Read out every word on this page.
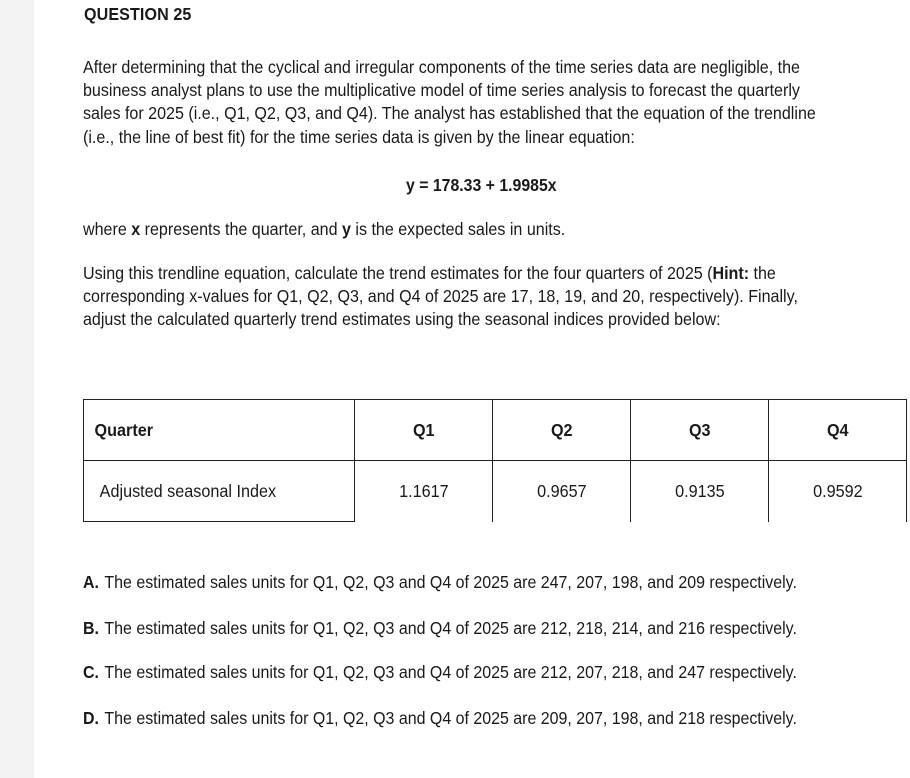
QUESTION 25
After determining that the cyclical and irregular components of the time series data are negligible, the
business analyst plans to use the multiplicative model of time series analysis to forecast the quarterly
sales for 2025 (i.e., Q1, Q2, Q3, and Q4). The analyst has established that the equation of the trendline
(i.e., the line of best fit) for the time series data is given by the linear equation:
y = 178.33 + 1.9985x
where x represents the quarter, and y is the expected sales in units.
Using this trendline equation, calculate the trend estimates for the four quarters of 2025 (Hint: the
corresponding x-values for Q1, Q2, Q3, and Q4 of 2025 are 17, 18, 19, and 20, respectively). Finally,
adjust the calculated quarterly trend estimates using the seasonal indices provided below:
Quarter	Q1	Q2	Q3	Q4
Adjusted seasonal Index	1.1617	0.9657	0.9135	0.9592
A. The estimated sales units for Q1, Q2, Q3 and Q4 of 2025 are 247, 207, 198, and 209 respectively.
B. The estimated sales units for Q1, Q2, Q3 and Q4 of 2025 are 212, 218, 214, and 216 respectively.
C. The estimated sales units for Q1, Q2, Q3 and Q4 of 2025 are 212, 207, 218, and 247 respectively.
D. The estimated sales units for Q1, Q2, Q3 and Q4 of 2025 are 209, 207, 198, and 218 respectively.
